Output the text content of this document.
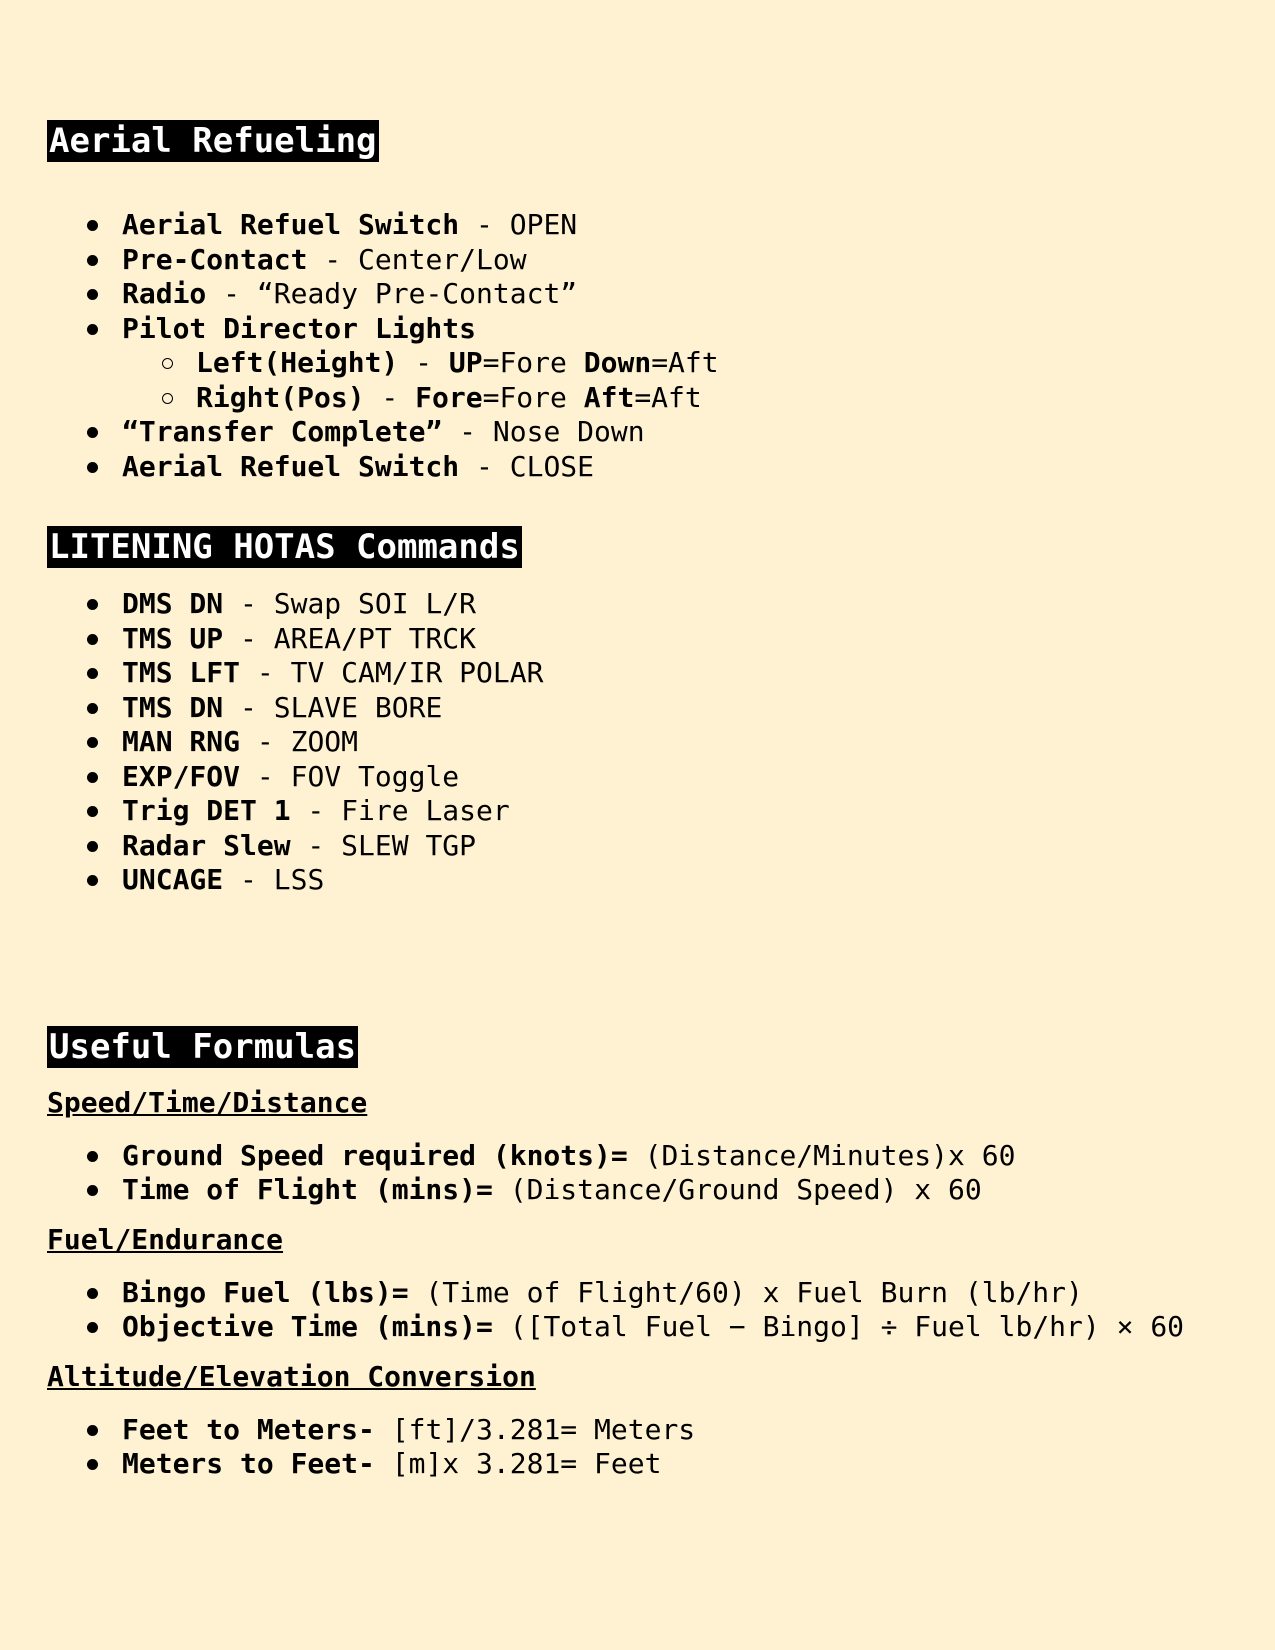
Aerial Refueling
Aerial Refuel Switch - OPEN
Pre-Contact - Center/Low
Radio - “Ready Pre-Contact”
Pilot Director Lights
Left(Height) - UP=Fore Down=Aft
Right(Pos) - Fore=Fore Aft=Aft
“Transfer Complete” - Nose Down
Aerial Refuel Switch - CLOSE
LITENING HOTAS Commands
DMS DN - Swap SOI L/R
TMS UP - AREA/PT TRCK
TMS LFT - TV CAM/IR POLAR
TMS DN - SLAVE BORE
MAN RNG - ZOOM
EXP/FOV - FOV Toggle
Trig DET 1 - Fire Laser
Radar Slew - SLEW TGP
UNCAGE - LSS
Useful Formulas
Speed/Time/Distance
Ground Speed required (knots)= (Distance/Minutes)x 60
Time of Flight (mins)= (Distance/Ground Speed) x 60
Fuel/Endurance
Bingo Fuel (lbs)= (Time of Flight/60) x Fuel Burn (lb/hr)
Objective Time (mins)= ([Total Fuel − Bingo] ÷ Fuel lb/hr) × 60
Altitude/Elevation Conversion
Feet to Meters- [ft]/3.281= Meters
Meters to Feet- [m]x 3.281= Feet
